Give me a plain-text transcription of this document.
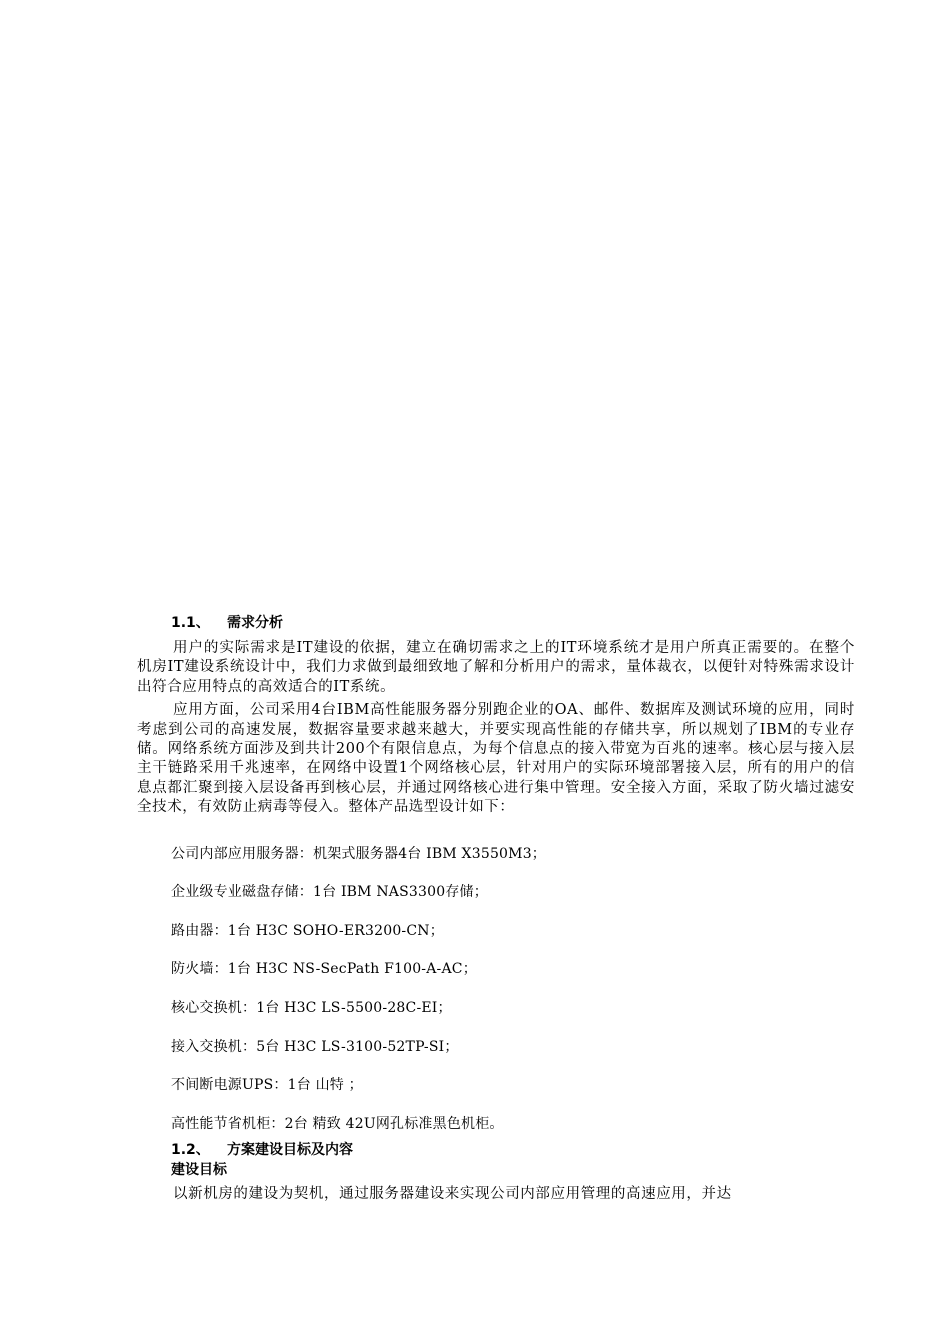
1.1、	需求分析

用户的实际需求是IT建设的依据，建立在确切需求之上的IT环境系统才是用户所真正需要的。在整个机房IT建设系统设计中，我们力求做到最细致地了解和分析用户的需求，量体裁衣，以便针对特殊需求设计出符合应用特点的高效适合的IT系统。

应用方面，公司采用4台IBM高性能服务器分别跑企业的OA、邮件、数据库及测试环境的应用，同时考虑到公司的高速发展，数据容量要求越来越大，并要实现高性能的存储共享，所以规划了IBM的专业存储。网络系统方面涉及到共计200个有限信息点，为每个信息点的接入带宽为百兆的速率。核心层与接入层主干链路采用千兆速率，在网络中设置1个网络核心层，针对用户的实际环境部署接入层，所有的用户的信息点都汇聚到接入层设备再到核心层，并通过网络核心进行集中管理。安全接入方面，采取了防火墙过滤安全技术，有效防止病毒等侵入。整体产品选型设计如下：

公司内部应用服务器：机架式服务器4台 IBM X3550M3；
企业级专业磁盘存储：1台 IBM NAS3300存储；
路由器：1台 H3C SOHO-ER3200-CN；
防火墙：1台 H3C NS-SecPath F100-A-AC；
核心交换机：1台 H3C LS-5500-28C-EI；
接入交换机：5台 H3C LS-3100-52TP-SI；
不间断电源UPS：1台 山特 ；
高性能节省机柜：2台 精致 42U网孔标准黑色机柜。
1.2、	方案建设目标及内容
建设目标
以新机房的建设为契机，通过服务器建设来实现公司内部应用管理的高速应用，并达
